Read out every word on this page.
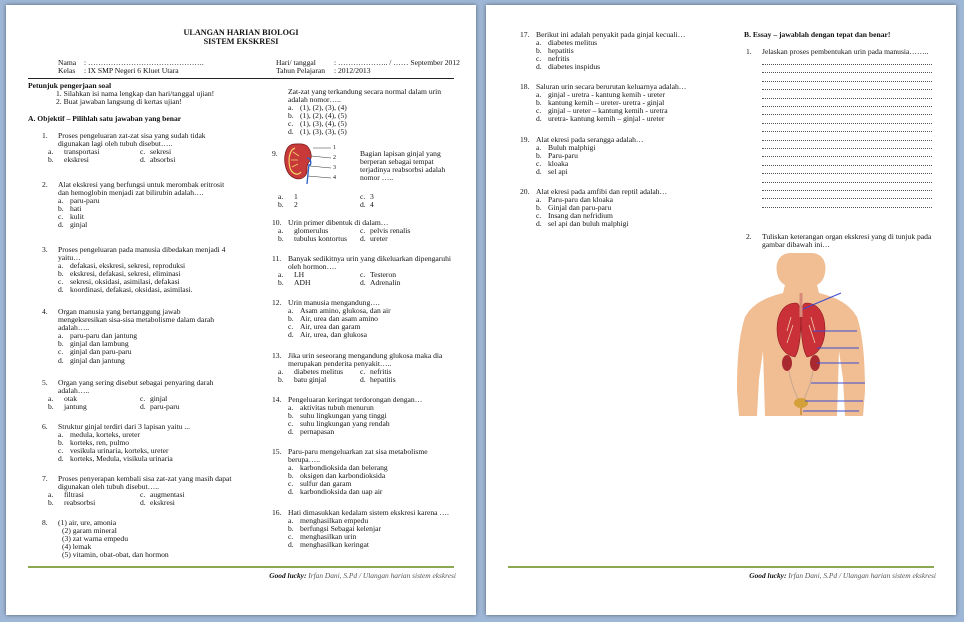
ULANGAN HARIAN BIOLOGI
SISTEM EKSKRESI
Nama : ……………………………………….
Kelas : IX SMP Negeri 6 Kluet Utara
Hari/ tanggal : ……………….. / …… September 2012
Tahun Pelajaran : 2012/2013
Petunjuk pengerjaan soal
1. Silahkan isi nama lengkap dan hari/tanggal ujian!
2. Buat jawaban langsung di kertas ujian!
A. Objektif – Pilihlah satu jawaban yang benar
1. Proses pengeluaran zat-zat sisa yang sudah tidak digunakan lagi oleh tubuh disebut…..
a. transportasi	c. sekresi
b. ekskresi	d. absorbsi
2. Alat ekskresi yang berfungsi untuk merombak eritrosit dan hemoglobin menjadi zat bilirubin adalah….
a. paru-paru
b. hati
c. kulit
d. ginjal
3. Proses pengeluaran pada manusia dibedakan menjadi 4 yaitu…
a. defakasi, ekskresi, sekresi, reproduksi
b. ekskresi, defakasi, sekresi, eliminasi
c. sekresi, oksidasi, asimilasi, defakasi
d. koordinasi, defakasi, oksidasi, asimilasi.
4. Organ manusia yang bertanggung jawab mengeksresikan sisa-sisa metabolisme dalam darah adalah…..
a. paru-paru dan jantung
b. ginjal dan lambung
c. ginjal dan paru-paru
d. ginjal dan jantung
5. Organ yang sering disebut sebagai penyaring darah adalah…..
a. otak	c. ginjal
b. jantung	d. paru-paru
6. Struktur ginjal terdiri dari 3 lapisan yaitu ...
a. medula, korteks, ureter
b. korteks, ren, pulmo
c. vesikula urinaria, korteks, ureter
d. korteks, Medula, visikula urinaria
7. Proses penyerapan kembali sisa zat-zat yang masih dapat digunakan oleh tubuh disebut…..
a. filtrasi	c. augmentasi
b. reabsorbsi	d. ekskresi
8. (1) air, ure, amonia
(2) garam mineral
(3) zat warna empedu
(4) lemak
(5) vitamin, obat-obat, dan hormon
Zat-zat yang terkandung secara normal dalam urin adalah nomor…..
a. (1), (2), (3), (4)
b. (1), (2), (4), (5)
c. (1), (3), (4), (5)
d. (1), (3), (3), (5)
9.
1
2
3
4
Bagian lapisan ginjal yang berperan sebagai tempat terjadinya reabsorbsi adalah nomor …..
a. 1	c. 3
b. 2	d. 4
10. Urin primer dibentuk di dalam…
a. glomerulus	c. pelvis renalis
b. tubulus kontortus d. ureter
11. Banyak sedikitnya urin yang dikeluarkan dipengaruhi oleh hormon….
a. LH	c. Testeron
b. ADH	d. Adrenalin
12. Urin manusia mengandung….
a. Asam amino, glukosa, dan air
b. Air, urea dan asam amino
c. Air, urea dan garam
d. Air, urea, dan glukosa
13. Jika urin seseorang mengandung glukosa maka dia merupakan penderita penyakit…..
a. diabetes melitus c. nefritis
b. batu ginjal	d. hepatitis
14. Pengeluaran keringat terdorongan dengan…
a. aktivitas tubuh menurun
b. suhu lingkungan yang tinggi
c. suhu lingkungan yang rendah
d. pernapasan
15. Paru-paru mengeluarkan zat sisa metabolisme berupa…..
a. karbondioksida dan belerang
b. oksigen dan karbondioksida
c. sulfur dan garam
d. karbondioksida dan uap air
16. Hati dimasukkan kedalam sistem ekskresi karena ….
a. menghasilkan empedu
b. berfungsi Sebagai kelenjar
c. menghasilkan urin
d. menghasilkan keringat
Good lucky: Irfan Dani, S.Pd / Ulangan harian sistem ekskresi
17. Berikut ini adalah penyakit pada ginjal kecuali…
a. diabetes melitus
b. hepatitis
c. nefritis
d. diabetes inspidus
18. Saluran urin secara berurutan keluarnya adalah…
a. ginjal - uretra - kantung kemih - ureter
b. kantung kemih – ureter- uretra - ginjal
c. ginjal – ureter – kantung kemih - uretra
d. uretra- kantung kemih – ginjal - ureter
19. Alat ekresi pada serangga adalah…
a. Buluh malphigi
b. Paru-paru
c. kloaka
d. sel api
20. Alat ekresi pada amfibi dan reptil adalah…
a. Paru-paru dan kloaka
b. Ginjal dan paru-paru
c. Insang dan nefridium
d. sel api dan buluh malphigi
B. Essay – jawablah dengan tepat dan benar!
1. Jelaskan proses pembentukan urin pada manusia……..
2. Tuliskan keterangan organ ekskresi yang di tunjuk pada gambar dibawah ini…
Good lucky: Irfan Dani, S.Pd / Ulangan harian sistem ekskresi
